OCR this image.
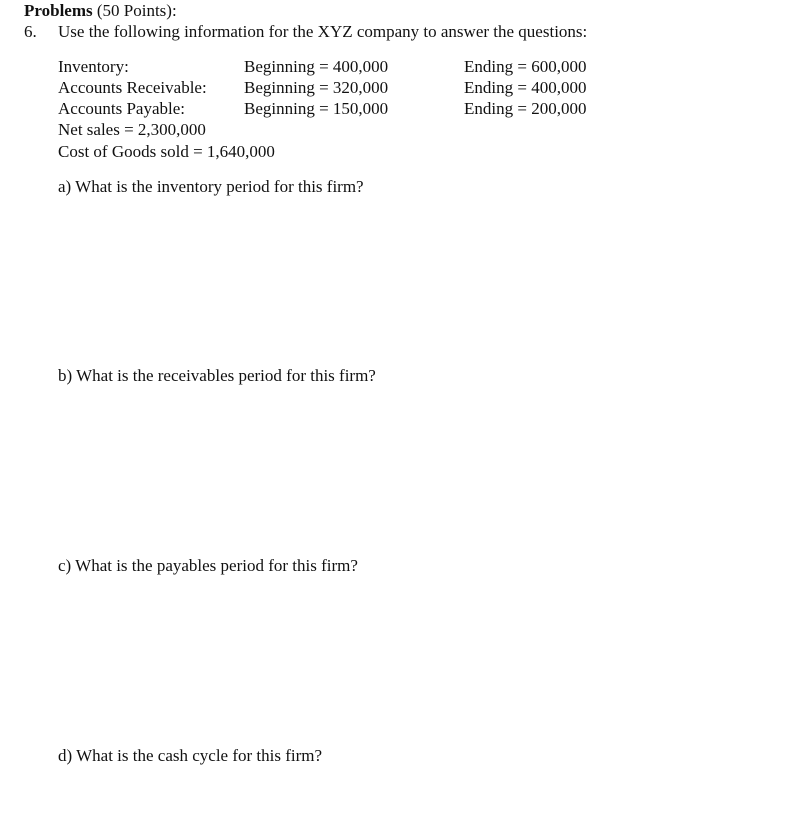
Problems (50 Points):
6. Use the following information for the XYZ company to answer the questions:
Inventory:	Beginning = 400,000	Ending = 600,000
Accounts Receivable: Beginning = 320,000	Ending = 400,000
Accounts Payable:	Beginning = 150,000	Ending = 200,000
Net sales = 2,300,000
Cost of Goods sold = 1,640,000
a) What is the inventory period for this firm?
b) What is the receivables period for this firm?
c) What is the payables period for this firm?
d) What is the cash cycle for this firm?
